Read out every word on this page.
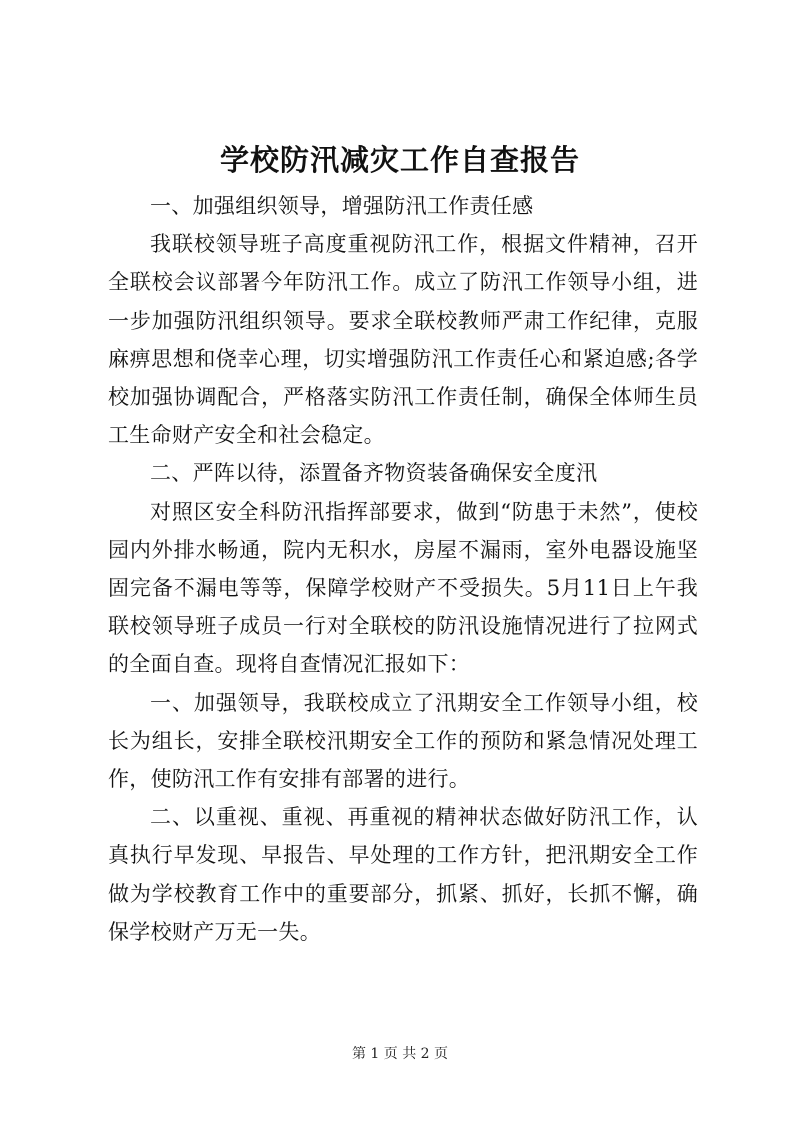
学校防汛减灾工作自查报告

一、加强组织领导，增强防汛工作责任感

我联校领导班子高度重视防汛工作，根据文件精神，召开全联校会议部署今年防汛工作。成立了防汛工作领导小组，进一步加强防汛组织领导。要求全联校教师严肃工作纪律，克服麻痹思想和侥幸心理，切实增强防汛工作责任心和紧迫感;各学校加强协调配合，严格落实防汛工作责任制，确保全体师生员工生命财产安全和社会稳定。

二、严阵以待，添置备齐物资装备确保安全度汛

对照区安全科防汛指挥部要求，做到“防患于未然”，使校园内外排水畅通，院内无积水，房屋不漏雨，室外电器设施坚固完备不漏电等等，保障学校财产不受损失。5月11日上午我联校领导班子成员一行对全联校的防汛设施情况进行了拉网式的全面自查。现将自查情况汇报如下：

一、加强领导，我联校成立了汛期安全工作领导小组，校长为组长，安排全联校汛期安全工作的预防和紧急情况处理工作，使防汛工作有安排有部署的进行。

二、以重视、重视、再重视的精神状态做好防汛工作，认真执行早发现、早报告、早处理的工作方针，把汛期安全工作做为学校教育工作中的重要部分，抓紧、抓好，长抓不懈，确保学校财产万无一失。

第 1 页 共 2 页
